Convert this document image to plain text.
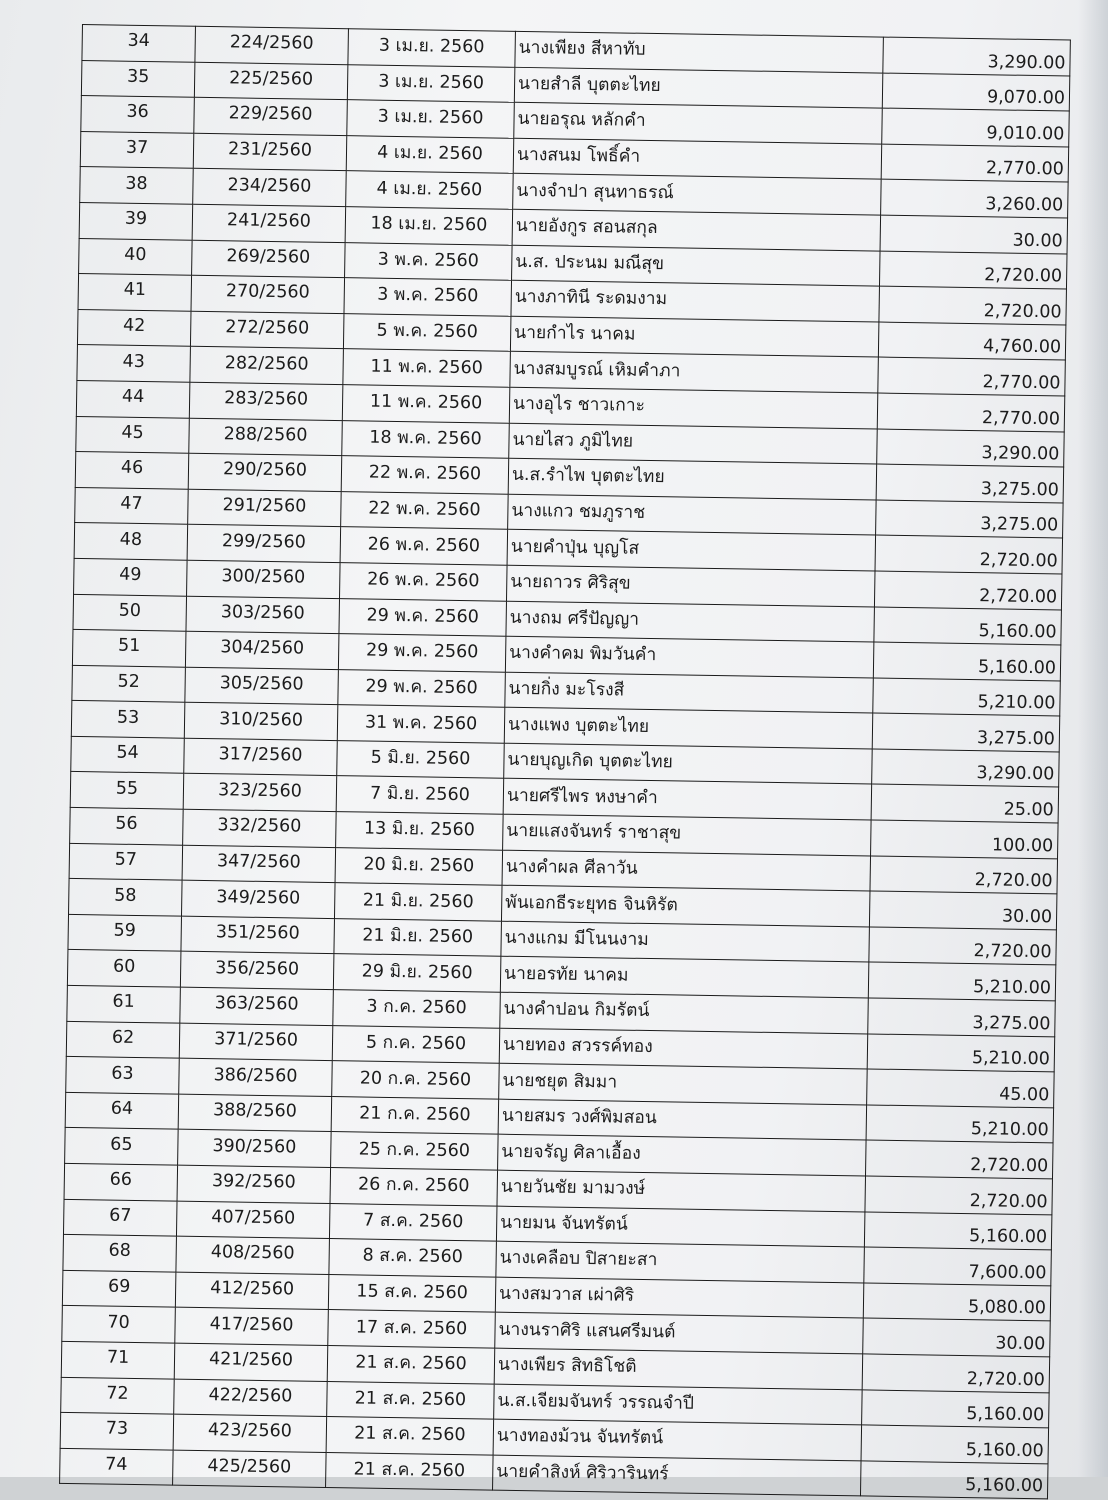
34	224/2560	3 เม.ย. 2560	นางเพียง สีหาทับ	3,290.00
35	225/2560	3 เม.ย. 2560	นายสำลี บุตตะไทย	9,070.00
36	229/2560	3 เม.ย. 2560	นายอรุณ หลักคำ	9,010.00
37	231/2560	4 เม.ย. 2560	นางสนม โพธิ์คำ	2,770.00
38	234/2560	4 เม.ย. 2560	นางจำปา สุนทาธรณ์	3,260.00
39	241/2560	18 เม.ย. 2560	นายอังกูร สอนสกุล	30.00
40	269/2560	3 พ.ค. 2560	น.ส. ประนม มณีสุข	2,720.00
41	270/2560	3 พ.ค. 2560	นางภาทินี ระดมงาม	2,720.00
42	272/2560	5 พ.ค. 2560	นายกำไร นาคม	4,760.00
43	282/2560	11 พ.ค. 2560	นางสมบูรณ์ เหิมคำภา	2,770.00
44	283/2560	11 พ.ค. 2560	นางอุไร ชาวเกาะ	2,770.00
45	288/2560	18 พ.ค. 2560	นายไสว ภูมิไทย	3,290.00
46	290/2560	22 พ.ค. 2560	น.ส.รำไพ บุตตะไทย	3,275.00
47	291/2560	22 พ.ค. 2560	นางแกว ชมภูราช	3,275.00
48	299/2560	26 พ.ค. 2560	นายคำปุ่น บุญโส	2,720.00
49	300/2560	26 พ.ค. 2560	นายถาวร ศิริสุข	2,720.00
50	303/2560	29 พ.ค. 2560	นางถม ศรีปัญญา	5,160.00
51	304/2560	29 พ.ค. 2560	นางคำคม พิมวันคำ	5,160.00
52	305/2560	29 พ.ค. 2560	นายกิ่ง มะโรงสี	5,210.00
53	310/2560	31 พ.ค. 2560	นางแพง บุตตะไทย	3,275.00
54	317/2560	5 มิ.ย. 2560	นายบุญเกิด บุตตะไทย	3,290.00
55	323/2560	7 มิ.ย. 2560	นายศรีไพร หงษาคำ	25.00
56	332/2560	13 มิ.ย. 2560	นายแสงจันทร์ ราชาสุข	100.00
57	347/2560	20 มิ.ย. 2560	นางคำผล ศีลาวัน	2,720.00
58	349/2560	21 มิ.ย. 2560	พันเอกธีระยุทธ จินหิรัต	30.00
59	351/2560	21 มิ.ย. 2560	นางแกม มีโนนงาม	2,720.00
60	356/2560	29 มิ.ย. 2560	นายอรทัย นาคม	5,210.00
61	363/2560	3 ก.ค. 2560	นางคำปอน กิมรัตน์	3,275.00
62	371/2560	5 ก.ค. 2560	นายทอง สวรรค์ทอง	5,210.00
63	386/2560	20 ก.ค. 2560	นายชยุต สิมมา	45.00
64	388/2560	21 ก.ค. 2560	นายสมร วงศ์พิมสอน	5,210.00
65	390/2560	25 ก.ค. 2560	นายจรัญ ศิลาเอื้อง	2,720.00
66	392/2560	26 ก.ค. 2560	นายวันชัย มามวงษ์	2,720.00
67	407/2560	7 ส.ค. 2560	นายมน จันทรัตน์	5,160.00
68	408/2560	8 ส.ค. 2560	นางเคลือบ ปิสายะสา	7,600.00
69	412/2560	15 ส.ค. 2560	นางสมวาส เผ่าศิริ	5,080.00
70	417/2560	17 ส.ค. 2560	นางนราศิริ แสนศรีมนต์	30.00
71	421/2560	21 ส.ค. 2560	นางเพียร สิทธิโชติ	2,720.00
72	422/2560	21 ส.ค. 2560	น.ส.เจียมจันทร์ วรรณจำปี	5,160.00
73	423/2560	21 ส.ค. 2560	นางทองม้วน จันทรัตน์	5,160.00
74	425/2560	21 ส.ค. 2560	นายคำสิงห์ ศิริวารินทร์	5,160.00
